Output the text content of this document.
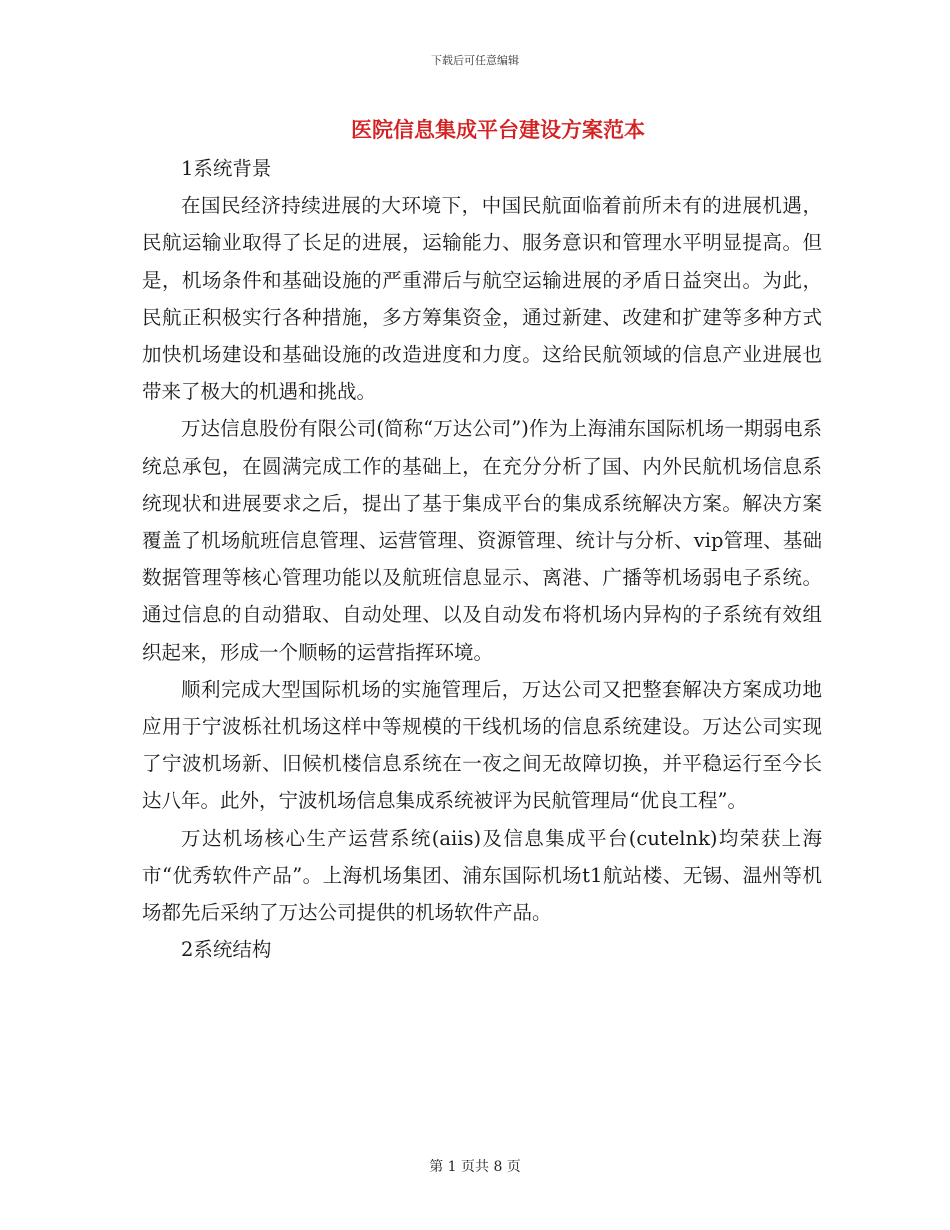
下载后可任意编辑
医院信息集成平台建设方案范本

1系统背景

在国民经济持续进展的大环境下，中国民航面临着前所未有的进展机遇，民航运输业取得了长足的进展，运输能力、服务意识和管理水平明显提高。但是，机场条件和基础设施的严重滞后与航空运输进展的矛盾日益突出。为此，民航正积极实行各种措施，多方筹集资金，通过新建、改建和扩建等多种方式加快机场建设和基础设施的改造进度和力度。这给民航领域的信息产业进展也带来了极大的机遇和挑战。

万达信息股份有限公司(简称“万达公司”)作为上海浦东国际机场一期弱电系统总承包，在圆满完成工作的基础上，在充分分析了国、内外民航机场信息系统现状和进展要求之后，提出了基于集成平台的集成系统解决方案。解决方案覆盖了机场航班信息管理、运营管理、资源管理、统计与分析、vip管理、基础数据管理等核心管理功能以及航班信息显示、离港、广播等机场弱电子系统。通过信息的自动猎取、自动处理、以及自动发布将机场内异构的子系统有效组织起来，形成一个顺畅的运营指挥环境。

顺利完成大型国际机场的实施管理后，万达公司又把整套解决方案成功地应用于宁波栎社机场这样中等规模的干线机场的信息系统建设。万达公司实现了宁波机场新、旧候机楼信息系统在一夜之间无故障切换，并平稳运行至今长达八年。此外，宁波机场信息集成系统被评为民航管理局“优良工程”。

万达机场核心生产运营系统(aiis)及信息集成平台(cutelnk)均荣获上海市“优秀软件产品”。上海机场集团、浦东国际机场t1航站楼、无锡、温州等机场都先后采纳了万达公司提供的机场软件产品。

2系统结构

第 1 页共 8 页
